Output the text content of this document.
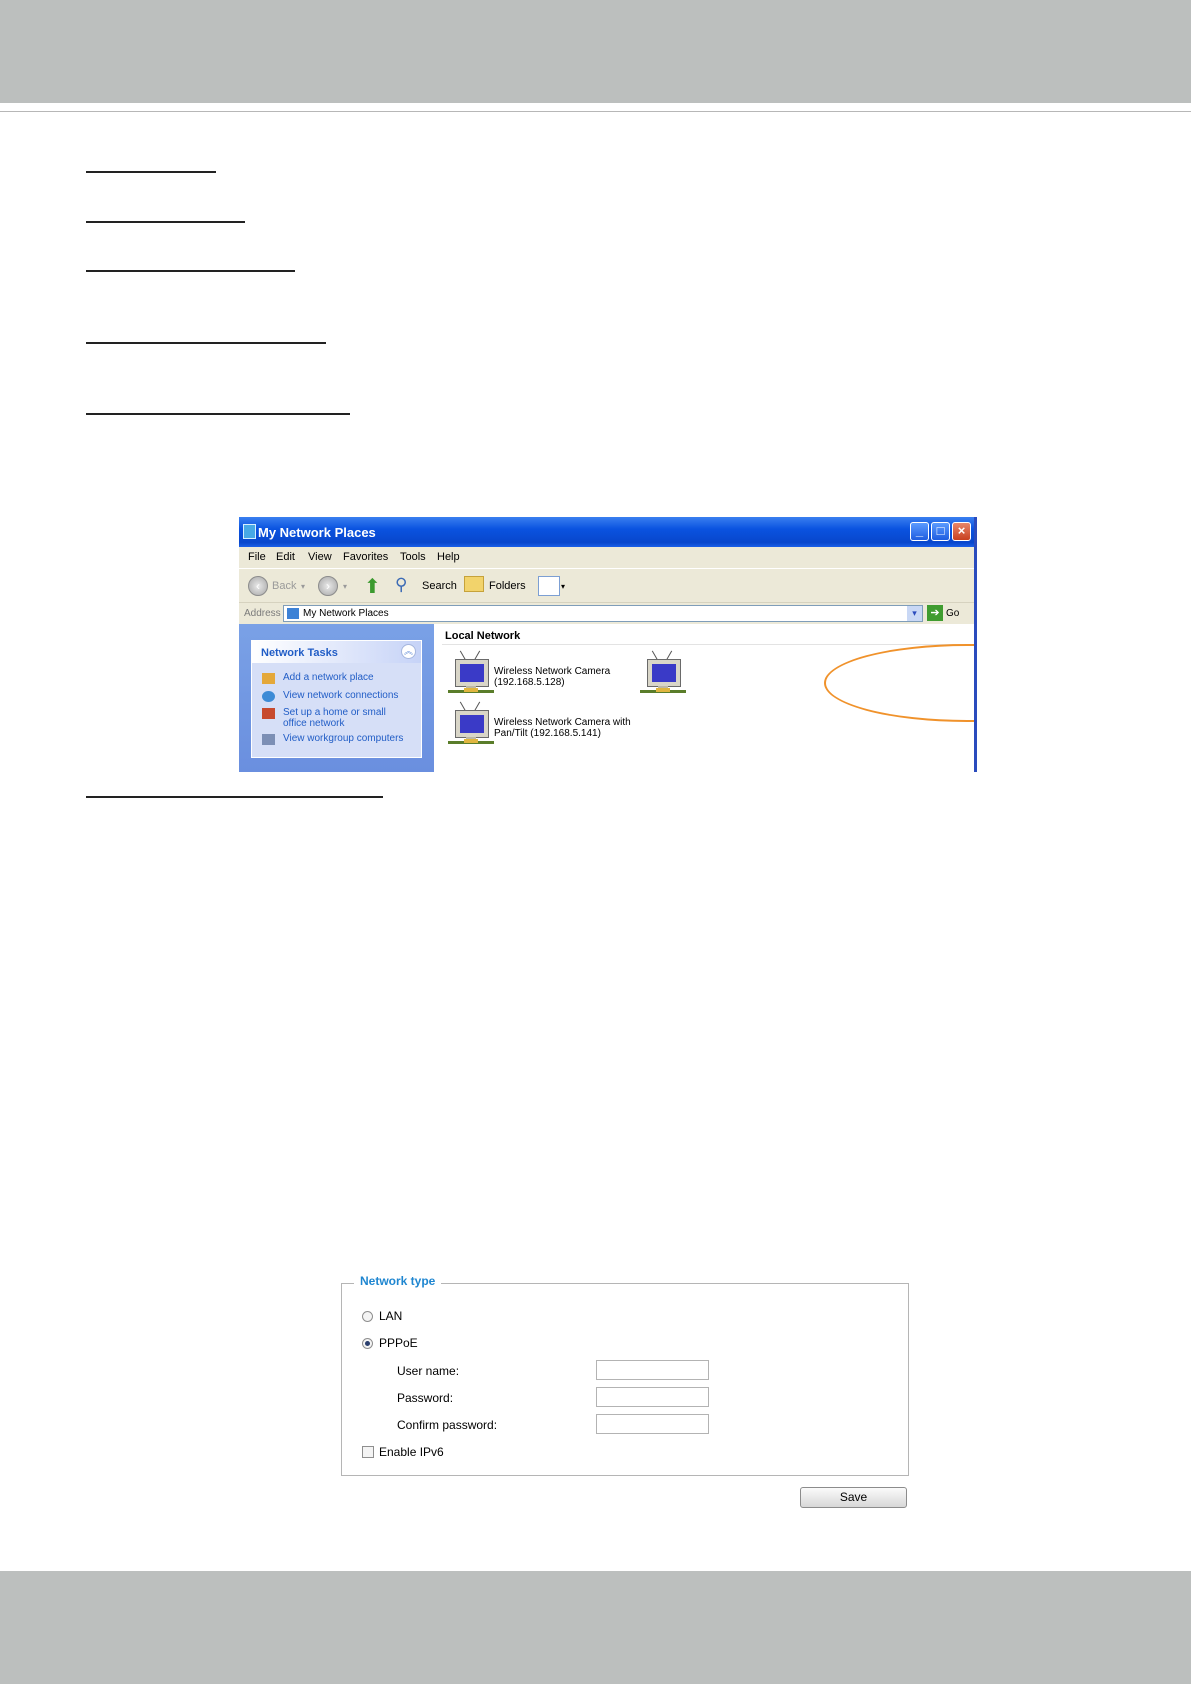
My Network Places	_	□	×
File Edit View Favorites Tools Help
‹	Back ▾	›	▾ ⬆ ⚲ Search	Folders	▾
Address My Network Places	▾	➔ Go
Network Tasks	︽
Add a network place
View network connections
Set up a home or small office network
View workgroup computers
Local Network
Wireless Network Camera
(192.168.5.128)
Wireless Network Camera with
Pan/Tilt (192.168.5.141)
Network type
LAN
PPPoE
User name:
Password:
Confirm password:
Enable IPv6
Save
